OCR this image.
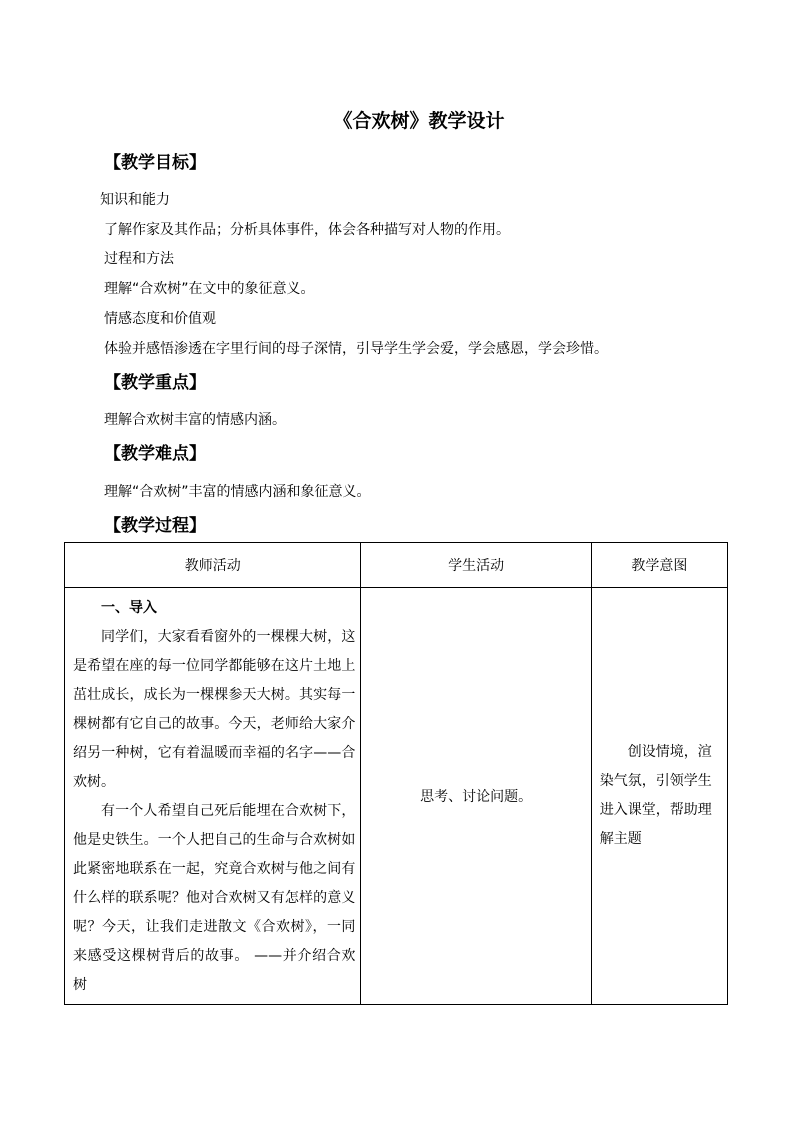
《合欢树》教学设计
【教学目标】
知识和能力
了解作家及其作品；分析具体事件，体会各种描写对人物的作用。
过程和方法
理解“合欢树”在文中的象征意义。
情感态度和价值观
体验并感悟渗透在字里行间的母子深情，引导学生学会爱，学会感恩，学会珍惜。
【教学重点】
理解合欢树丰富的情感内涵。
【教学难点】
理解“合欢树”丰富的情感内涵和象征意义。
【教学过程】
教师活动	学生活动	教学意图

一、导入
同学们，大家看看窗外的一棵棵大树，这是希望在座的每一位同学都能够在这片土地上茁壮成长，成长为一棵棵参天大树。其实每一棵树都有它自己的故事。今天，老师给大家介绍另一种树，它有着温暖而幸福的名字——合欢树。
有一个人希望自己死后能埋在合欢树下，他是史铁生。一个人把自己的生命与合欢树如此紧密地联系在一起，究竟合欢树与他之间有什么样的联系呢？他对合欢树又有怎样的意义呢？今天，让我们走进散文《合欢树》，一同来感受这棵树背后的故事。 ——并介绍合欢树	思考、讨论问题。	创设情境，渲染气氛，引领学生进入课堂，帮助理解主题
